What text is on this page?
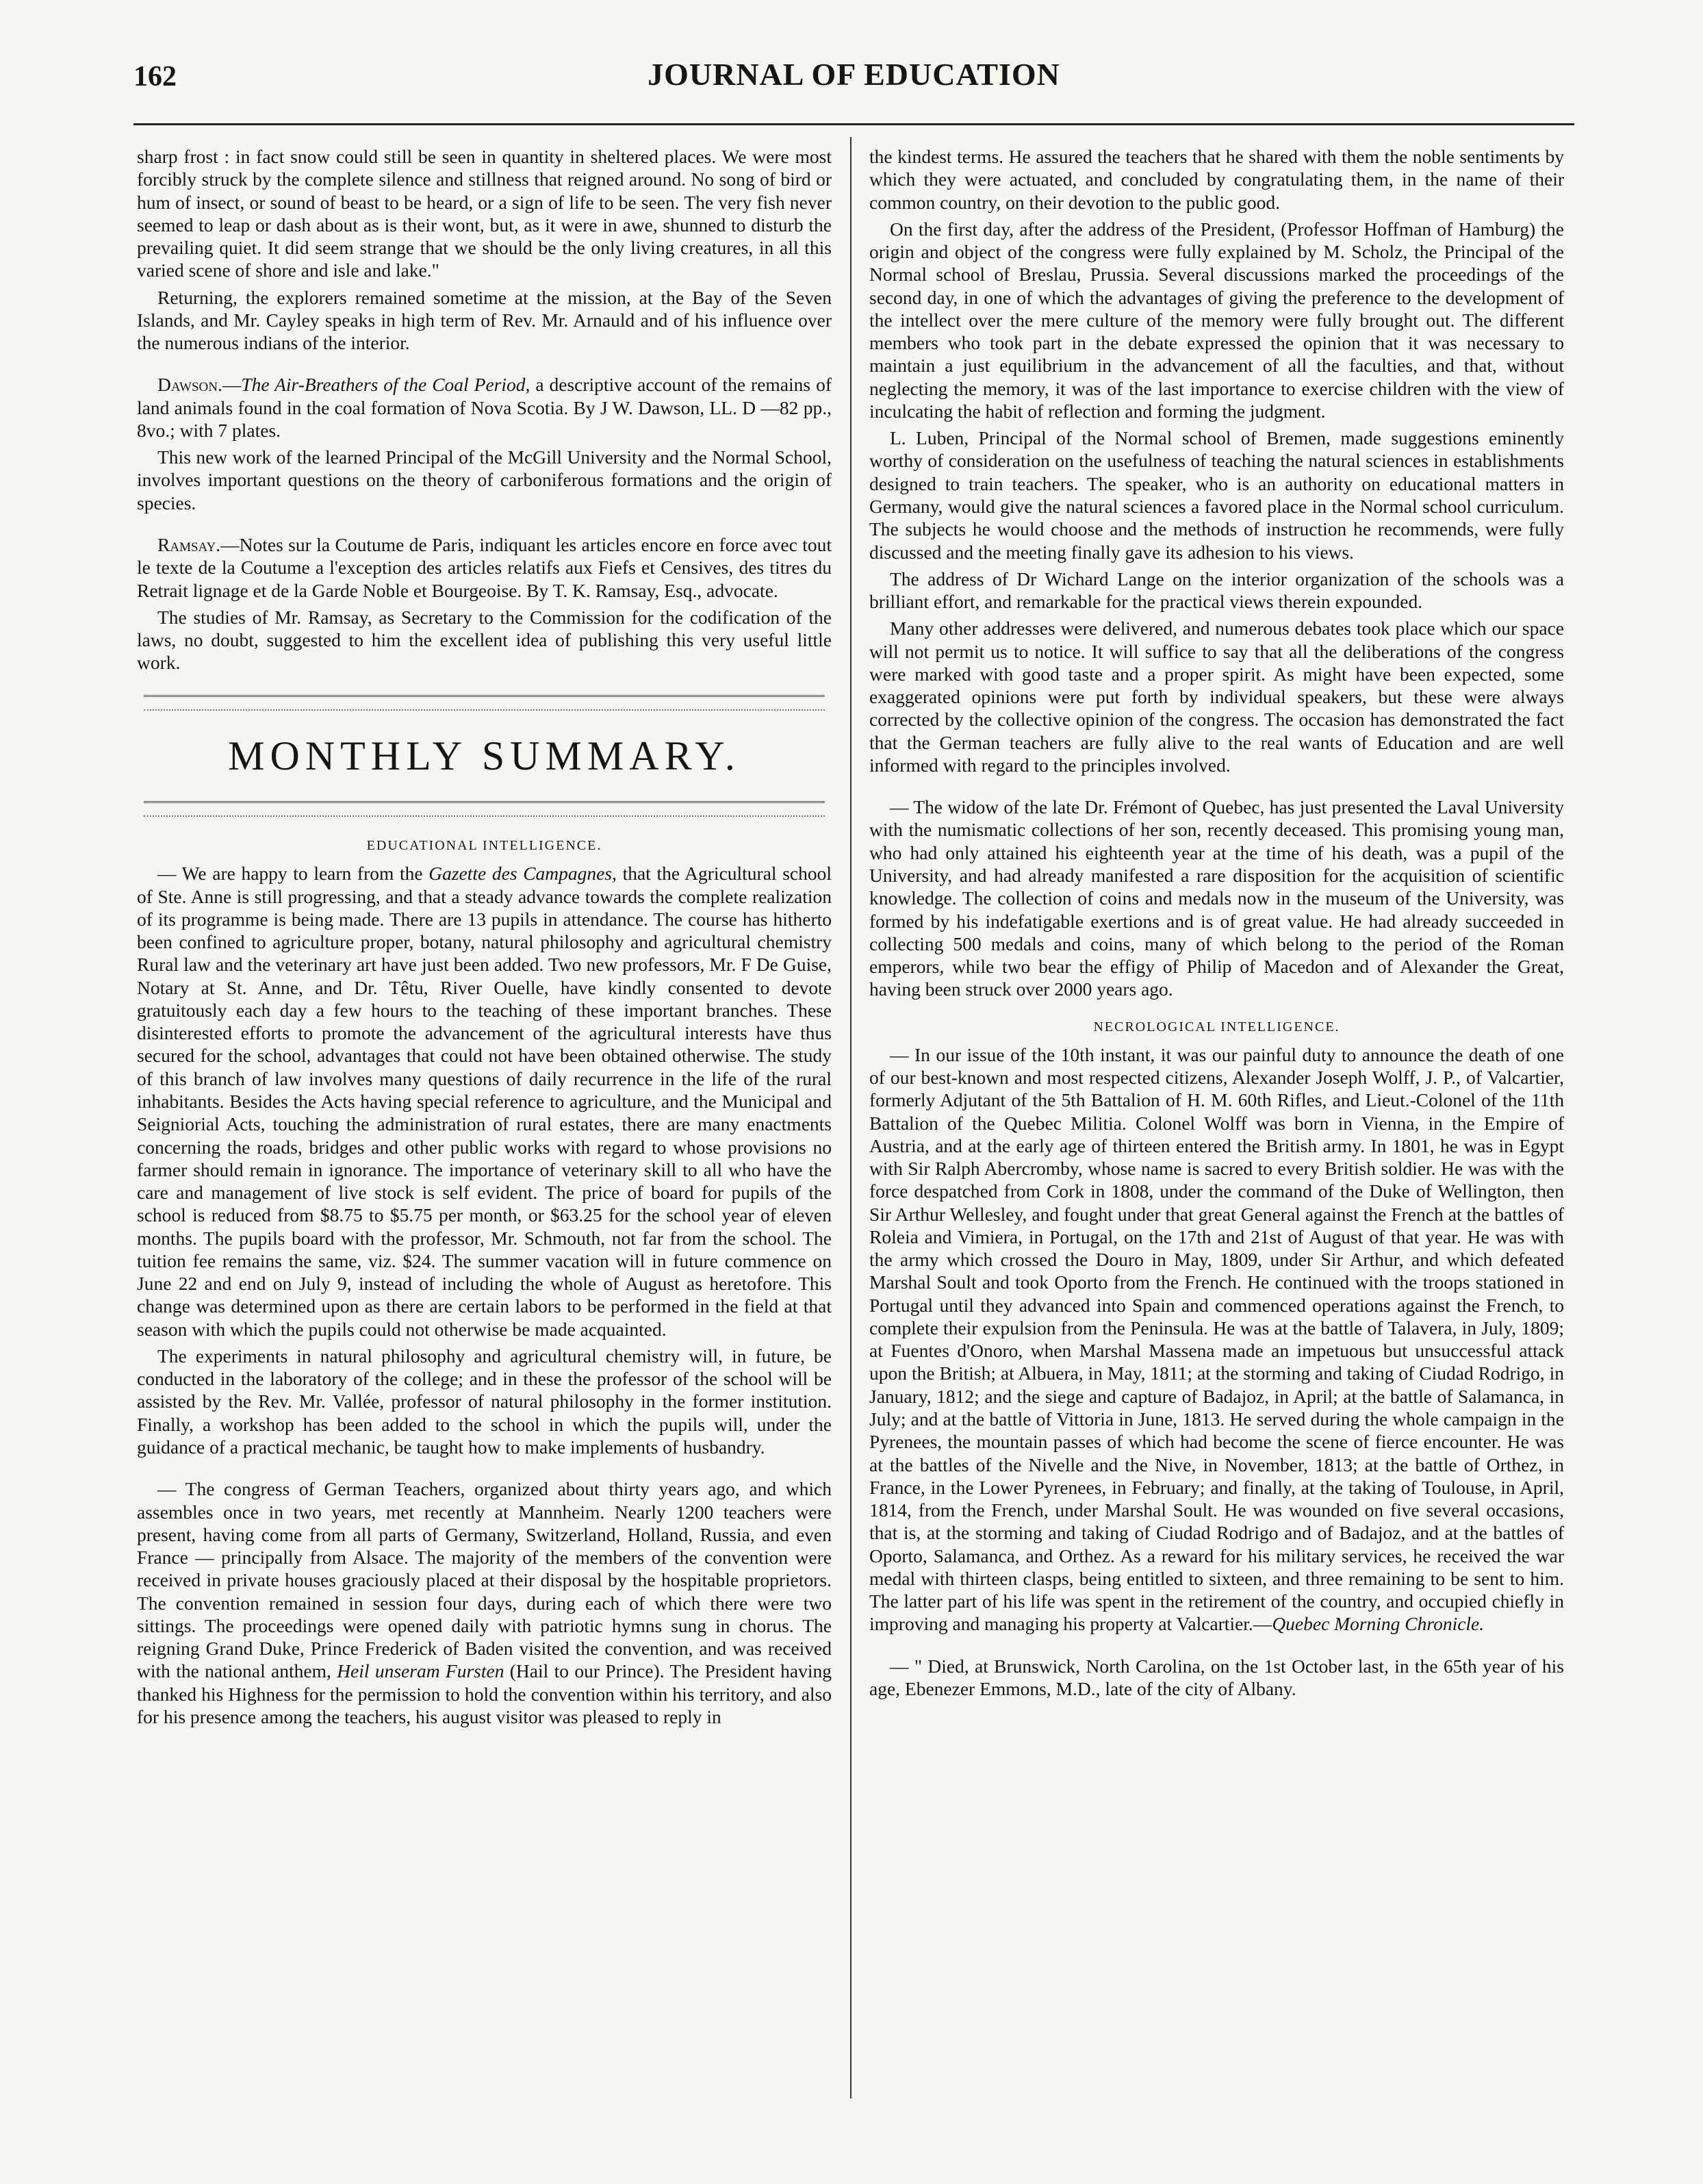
162	JOURNAL OF EDUCATION

sharp frost : in fact snow could still be seen in quantity in sheltered places. We were most forcibly struck by the complete silence and stillness that reigned around. No song of bird or hum of insect, or sound of beast to be heard, or a sign of life to be seen. The very fish never seemed to leap or dash about as is their wont, but, as it were in awe, shunned to disturb the prevailing quiet. It did seem strange that we should be the only living creatures, in all this varied scene of shore and isle and lake."

Returning, the explorers remained sometime at the mission, at the Bay of the Seven Islands, and Mr. Cayley speaks in high term of Rev. Mr. Arnauld and of his influence over the numerous indians of the interior.

Dawson.—The Air-Breathers of the Coal Period, a descriptive account of the remains of land animals found in the coal formation of Nova Scotia. By J W. Dawson, LL. D —82 pp., 8vo.; with 7 plates.

This new work of the learned Principal of the McGill University and the Normal School, involves important questions on the theory of carboniferous formations and the origin of species.

Ramsay.—Notes sur la Coutume de Paris, indiquant les articles encore en force avec tout le texte de la Coutume a l'exception des articles relatifs aux Fiefs et Censives, des titres du Retrait lignage et de la Garde Noble et Bourgeoise. By T. K. Ramsay, Esq., advocate.

The studies of Mr. Ramsay, as Secretary to the Commission for the codification of the laws, no doubt, suggested to him the excellent idea of publishing this very useful little work.

MONTHLY SUMMARY.
EDUCATIONAL INTELLIGENCE.

— We are happy to learn from the Gazette des Campagnes, that the Agricultural school of Ste. Anne is still progressing, and that a steady advance towards the complete realization of its programme is being made. There are 13 pupils in attendance. The course has hitherto been confined to agriculture proper, botany, natural philosophy and agricultural chemistry Rural law and the veterinary art have just been added. Two new professors, Mr. F De Guise, Notary at St. Anne, and Dr. Têtu, River Ouelle, have kindly consented to devote gratuitously each day a few hours to the teaching of these important branches. These disinterested efforts to promote the advancement of the agricultural interests have thus secured for the school, advantages that could not have been obtained otherwise. The study of this branch of law involves many questions of daily recurrence in the life of the rural inhabitants. Besides the Acts having special reference to agriculture, and the Municipal and Seigniorial Acts, touching the administration of rural estates, there are many enactments concerning the roads, bridges and other public works with regard to whose provisions no farmer should remain in ignorance. The importance of veterinary skill to all who have the care and management of live stock is self evident. The price of board for pupils of the school is reduced from $8.75 to $5.75 per month, or $63.25 for the school year of eleven months. The pupils board with the professor, Mr. Schmouth, not far from the school. The tuition fee remains the same, viz. $24. The summer vacation will in future commence on June 22 and end on July 9, instead of including the whole of August as heretofore. This change was determined upon as there are certain labors to be performed in the field at that season with which the pupils could not otherwise be made acquainted.

The experiments in natural philosophy and agricultural chemistry will, in future, be conducted in the laboratory of the college; and in these the professor of the school will be assisted by the Rev. Mr. Vallée, professor of natural philosophy in the former institution. Finally, a workshop has been added to the school in which the pupils will, under the guidance of a practical mechanic, be taught how to make implements of husbandry.

— The congress of German Teachers, organized about thirty years ago, and which assembles once in two years, met recently at Mannheim. Nearly 1200 teachers were present, having come from all parts of Germany, Switzerland, Holland, Russia, and even France — principally from Alsace. The majority of the members of the convention were received in private houses graciously placed at their disposal by the hospitable proprietors. The convention remained in session four days, during each of which there were two sittings. The proceedings were opened daily with patriotic hymns sung in chorus. The reigning Grand Duke, Prince Frederick of Baden visited the convention, and was received with the national anthem, Heil unseram Fursten (Hail to our Prince). The President having thanked his Highness for the permission to hold the convention within his territory, and also for his presence among the teachers, his august visitor was pleased to reply in

the kindest terms. He assured the teachers that he shared with them the noble sentiments by which they were actuated, and concluded by congratulating them, in the name of their common country, on their devotion to the public good.

On the first day, after the address of the President, (Professor Hoffman of Hamburg) the origin and object of the congress were fully explained by M. Scholz, the Principal of the Normal school of Breslau, Prussia. Several discussions marked the proceedings of the second day, in one of which the advantages of giving the preference to the development of the intellect over the mere culture of the memory were fully brought out. The different members who took part in the debate expressed the opinion that it was necessary to maintain a just equilibrium in the advancement of all the faculties, and that, without neglecting the memory, it was of the last importance to exercise children with the view of inculcating the habit of reflection and forming the judgment.

L. Luben, Principal of the Normal school of Bremen, made suggestions eminently worthy of consideration on the usefulness of teaching the natural sciences in establishments designed to train teachers. The speaker, who is an authority on educational matters in Germany, would give the natural sciences a favored place in the Normal school curriculum. The subjects he would choose and the methods of instruction he recommends, were fully discussed and the meeting finally gave its adhesion to his views.

The address of Dr Wichard Lange on the interior organization of the schools was a brilliant effort, and remarkable for the practical views therein expounded.

Many other addresses were delivered, and numerous debates took place which our space will not permit us to notice. It will suffice to say that all the deliberations of the congress were marked with good taste and a proper spirit. As might have been expected, some exaggerated opinions were put forth by individual speakers, but these were always corrected by the collective opinion of the congress. The occasion has demonstrated the fact that the German teachers are fully alive to the real wants of Education and are well informed with regard to the principles involved.

— The widow of the late Dr. Frémont of Quebec, has just presented the Laval University with the numismatic collections of her son, recently deceased. This promising young man, who had only attained his eighteenth year at the time of his death, was a pupil of the University, and had already manifested a rare disposition for the acquisition of scientific knowledge. The collection of coins and medals now in the museum of the University, was formed by his indefatigable exertions and is of great value. He had already succeeded in collecting 500 medals and coins, many of which belong to the period of the Roman emperors, while two bear the effigy of Philip of Macedon and of Alexander the Great, having been struck over 2000 years ago.

NECROLOGICAL INTELLIGENCE.

— In our issue of the 10th instant, it was our painful duty to announce the death of one of our best-known and most respected citizens, Alexander Joseph Wolff, J. P., of Valcartier, formerly Adjutant of the 5th Battalion of H. M. 60th Rifles, and Lieut.-Colonel of the 11th Battalion of the Quebec Militia. Colonel Wolff was born in Vienna, in the Empire of Austria, and at the early age of thirteen entered the British army. In 1801, he was in Egypt with Sir Ralph Abercromby, whose name is sacred to every British soldier. He was with the force despatched from Cork in 1808, under the command of the Duke of Wellington, then Sir Arthur Wellesley, and fought under that great General against the French at the battles of Roleia and Vimiera, in Portugal, on the 17th and 21st of August of that year. He was with the army which crossed the Douro in May, 1809, under Sir Arthur, and which defeated Marshal Soult and took Oporto from the French. He continued with the troops stationed in Portugal until they advanced into Spain and commenced operations against the French, to complete their expulsion from the Peninsula. He was at the battle of Talavera, in July, 1809; at Fuentes d'Onoro, when Marshal Massena made an impetuous but unsuccessful attack upon the British; at Albuera, in May, 1811; at the storming and taking of Ciudad Rodrigo, in January, 1812; and the siege and capture of Badajoz, in April; at the battle of Salamanca, in July; and at the battle of Vittoria in June, 1813. He served during the whole campaign in the Pyrenees, the mountain passes of which had become the scene of fierce encounter. He was at the battles of the Nivelle and the Nive, in November, 1813; at the battle of Orthez, in France, in the Lower Pyrenees, in February; and finally, at the taking of Toulouse, in April, 1814, from the French, under Marshal Soult. He was wounded on five several occasions, that is, at the storming and taking of Ciudad Rodrigo and of Badajoz, and at the battles of Oporto, Salamanca, and Orthez. As a reward for his military services, he received the war medal with thirteen clasps, being entitled to sixteen, and three remaining to be sent to him. The latter part of his life was spent in the retirement of the country, and occupied chiefly in improving and managing his property at Valcartier.—Quebec Morning Chronicle.

— " Died, at Brunswick, North Carolina, on the 1st October last, in the 65th year of his age, Ebenezer Emmons, M.D., late of the city of Albany.
